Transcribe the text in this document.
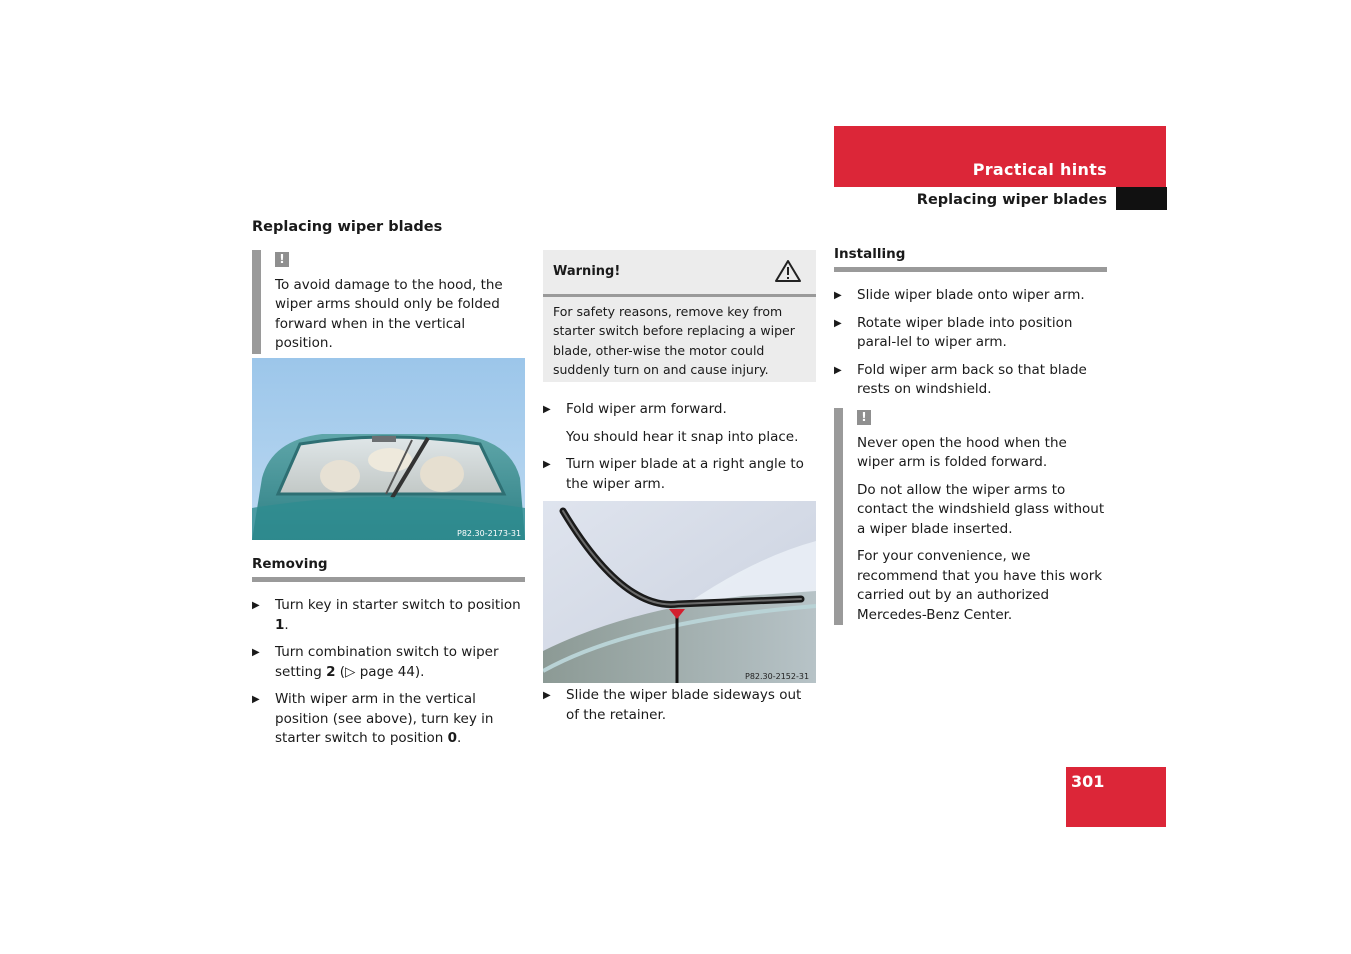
Practical hints
Replacing wiper blades
Replacing wiper blades
!

To avoid damage to the hood, the wiper arms should only be folded forward when in the vertical position.

P82.30-2173-31
Removing
▶ Turn key in starter switch to position 1.
▶ Turn combination switch to wiper setting 2 (▷ page 44).
▶ With wiper arm in the vertical position (see above), turn key in starter switch to position 0.
Warning!
For safety reasons, remove key from starter switch before replacing a wiper blade, other-wise the motor could suddenly turn on and cause injury.
▶ Fold wiper arm forward.
You should hear it snap into place.
▶ Turn wiper blade at a right angle to the wiper arm.
P82.30-2152-31
▶ Slide the wiper blade sideways out of the retainer.
Installing
▶ Slide wiper blade onto wiper arm.
▶ Rotate wiper blade into position paral-lel to wiper arm.
▶ Fold wiper arm back so that blade rests on windshield.
!

Never open the hood when the wiper arm is folded forward.

Do not allow the wiper arms to contact the windshield glass without a wiper blade inserted.

For your convenience, we recommend that you have this work carried out by an authorized Mercedes-Benz Center.

301
